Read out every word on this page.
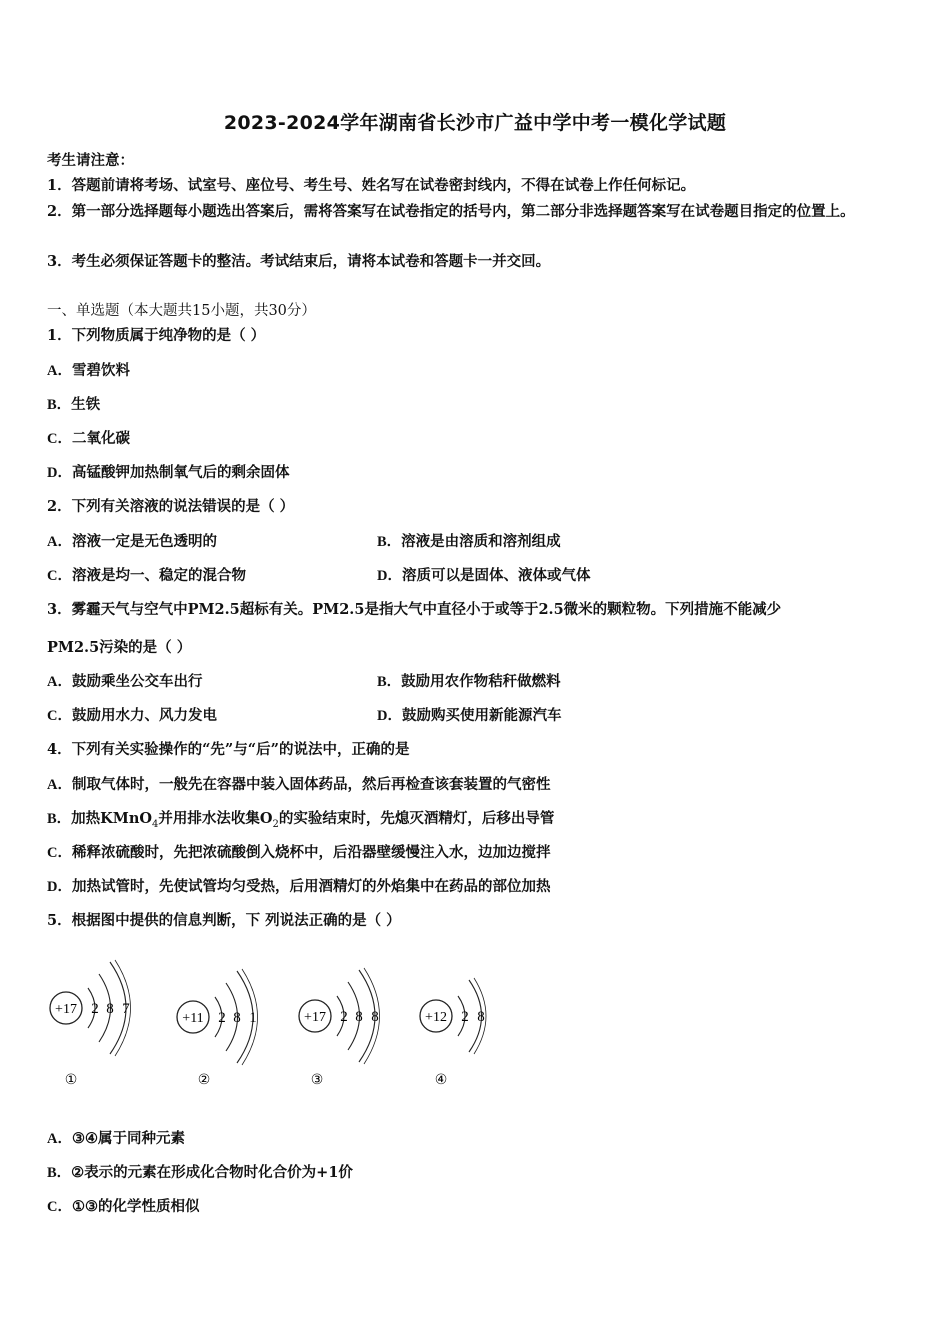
2023-2024学年湖南省长沙市广益中学中考一模化学试题
考生请注意：
1．答题前请将考场、试室号、座位号、考生号、姓名写在试卷密封线内，不得在试卷上作任何标记。
2．第一部分选择题每小题选出答案后，需将答案写在试卷指定的括号内，第二部分非选择题答案写在试卷题目指定的位置上。
3．考生必须保证答题卡的整洁。考试结束后，请将本试卷和答题卡一并交回。
一、单选题（本大题共15小题，共30分）
1．下列物质属于纯净物的是（ ）
A．雪碧饮料
B．生铁
C．二氧化碳
D．高锰酸钾加热制氧气后的剩余固体
2．下列有关溶液的说法错误的是（ ）
A．溶液一定是无色透明的	B．溶液是由溶质和溶剂组成
C．溶液是均一、稳定的混合物	D．溶质可以是固体、液体或气体
3．雾霾天气与空气中PM2.5超标有关。PM2.5是指大气中直径小于或等于2.5微米的颗粒物。下列措施不能减少
PM2.5污染的是（ ）
A．鼓励乘坐公交车出行	B．鼓励用农作物秸秆做燃料
C．鼓励用水力、风力发电	D．鼓励购买使用新能源汽车
4．下列有关实验操作的“先”与“后”的说法中，正确的是
A．制取气体时，一般先在容器中装入固体药品，然后再检查该套装置的气密性
B．加热KMnO$_4$并用排水法收集$O_2$的实验结束时，先熄灭酒精灯，后移出导管
C．稀释浓硫酸时，先把浓硫酸倒入烧杯中，后沿器壁缓慢注入水，边加边搅拌
D．加热试管时，先使试管均匀受热，后用酒精灯的外焰集中在药品的部位加热
5．根据图中提供的信息判断，下 列说法正确的是（ ）
+17 2 8 7
①
+11 2 8 1
②
+17 2 8 8
③
+12 2 8
④
A．③④属于同种元素
B．②表示的元素在形成化合物时化合价为+1价
C．①③的化学性质相似
